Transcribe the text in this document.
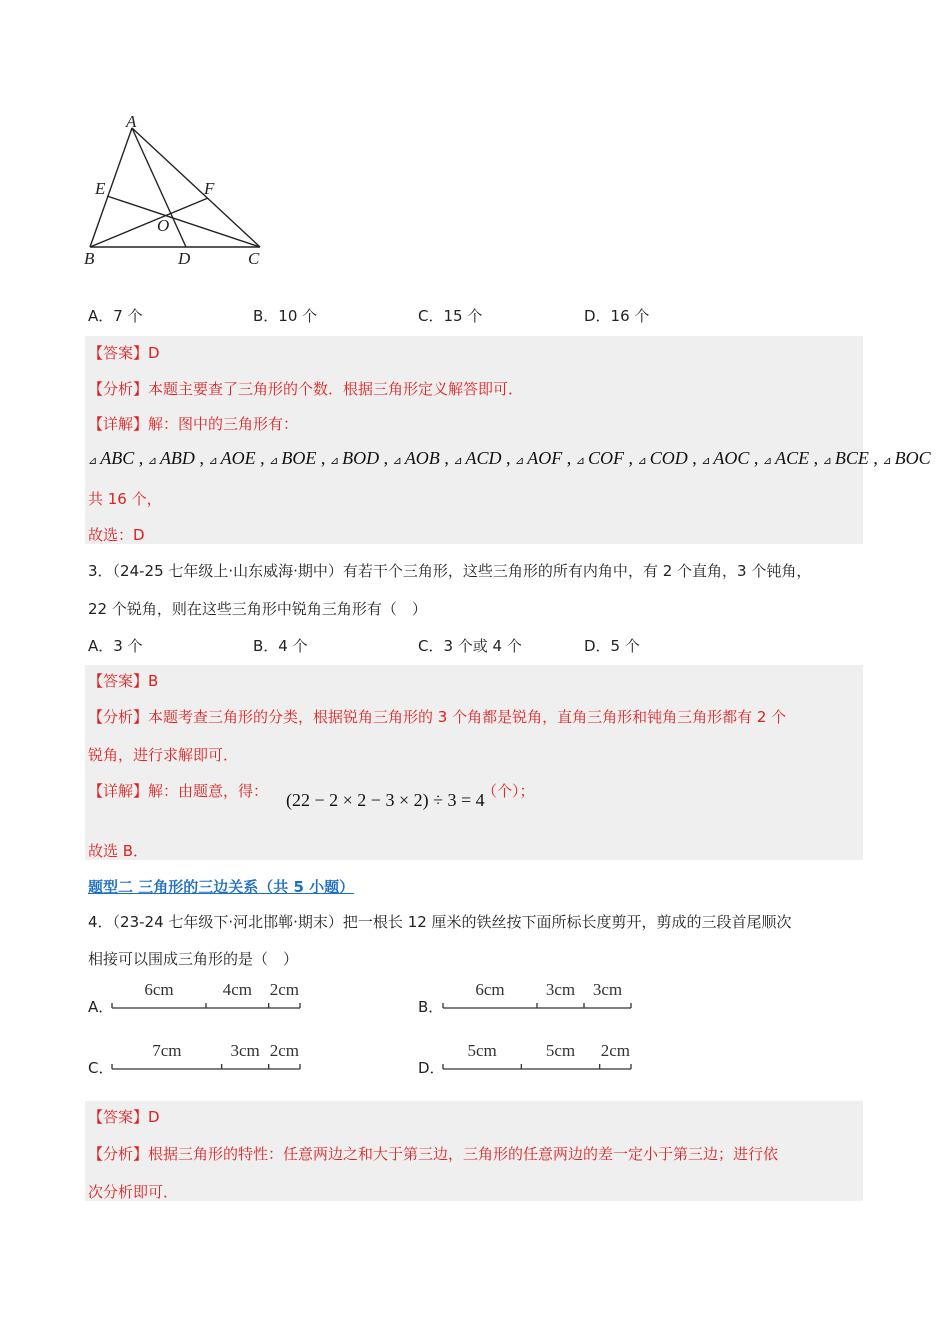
A
B	C
D
E	F
O
A．7 个	B．10 个	C．15 个	D．16 个
【答案】D
【分析】本题主要查了三角形的个数．根据三角形定义解答即可．
【详解】解：图中的三角形有：
⊿ ABC , ⊿ ABD , ⊿ AOE , ⊿ BOE , ⊿ BOD , ⊿ AOB , ⊿ ACD , ⊿ AOF , ⊿ COF , ⊿ COD , ⊿ AOC , ⊿ ACE , ⊿ BCE , ⊿ BOC
共 16 个，
故选：D
3．（24-25 七年级上·山东威海·期中）有若干个三角形，这些三角形的所有内角中，有 2 个直角，3 个钝角，
22 个锐角，则在这些三角形中锐角三角形有（　）
A．3 个	B．4 个	C．3 个或 4 个	D．5 个
【答案】B
【分析】本题考查三角形的分类，根据锐角三角形的 3 个角都是锐角，直角三角形和钝角三角形都有 2 个
锐角，进行求解即可．
【详解】解：由题意，得： (22 − 2 × 2 − 3 × 2) ÷ 3 = 4
（个）；
故选 B．
题型二 三角形的三边关系（共 5 小题）
4．（23-24 七年级下·河北邯郸·期末）把一根长 12 厘米的铁丝按下面所标长度剪开，剪成的三段首尾顺次
相接可以围成三角形的是（　）
A．
6cm	4cm 2cm
B．
6cm 3cm 3cm
C．
7cm	3cm 2cm
D．
5cm	5cm 2cm
【答案】D
【分析】根据三角形的特性：任意两边之和大于第三边，三角形的任意两边的差一定小于第三边；进行依
次分析即可．
